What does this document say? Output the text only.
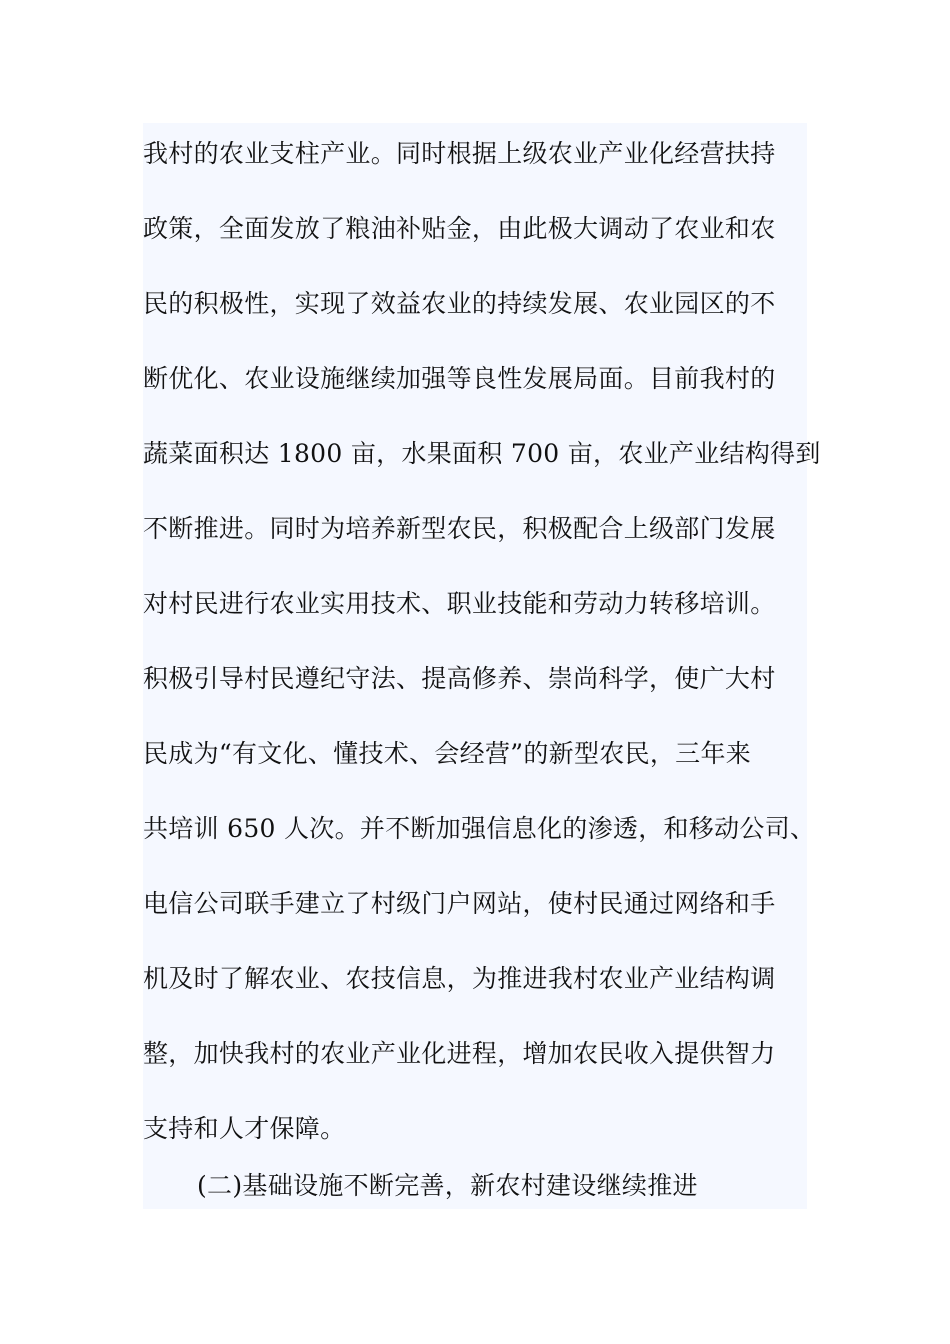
我村的农业支柱产业。同时根据上级农业产业化经营扶持
政策，全面发放了粮油补贴金，由此极大调动了农业和农
民的积极性，实现了效益农业的持续发展、农业园区的不
断优化、农业设施继续加强等良性发展局面。目前我村的
蔬菜面积达 1800 亩，水果面积 700 亩，农业产业结构得到
不断推进。同时为培养新型农民，积极配合上级部门发展
对村民进行农业实用技术、职业技能和劳动力转移培训。
积极引导村民遵纪守法、提高修养、崇尚科学，使广大村
民成为“有文化、懂技术、会经营”的新型农民，三年来
共培训 650 人次。并不断加强信息化的渗透，和移动公司、
电信公司联手建立了村级门户网站，使村民通过网络和手
机及时了解农业、农技信息，为推进我村农业产业结构调
整，加快我村的农业产业化进程，增加农民收入提供智力
支持和人才保障。
(二)基础设施不断完善，新农村建设继续推进
